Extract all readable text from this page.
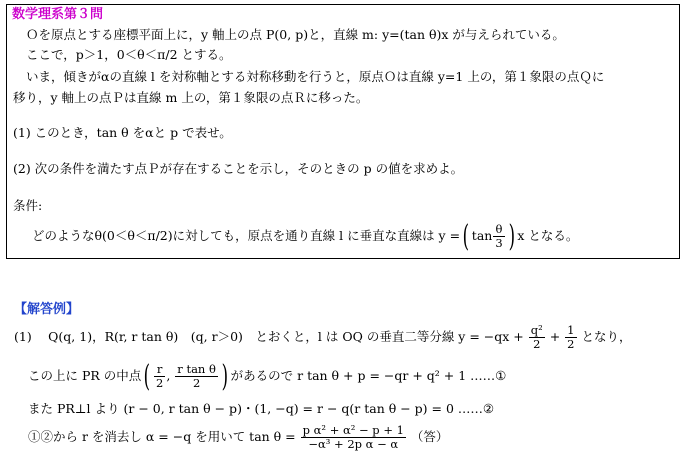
数学理系第３問
Ｏを原点とする座標平面上に，y 軸上の点 P(0, p)と，直線 m: y=(tan θ)x が与えられている。
ここで，p＞1，0＜θ＜π/2 とする。
いま，傾きがαの直線 l を対称軸とする対称移動を行うと，原点Ｏは直線 y=1 上の，第１象限の点Ｑに
移り，y 軸上の点Ｐは直線 m 上の，第１象限の点Ｒに移った。
(1) このとき，tan θ をαと p で表せ。
(2) 次の条件を満たす点Ｐが存在することを示し，そのときの p の値を求めよ。
条件:
どのようなθ(0＜θ＜π/2)に対しても，原点を通り直線 l に垂直な直線は y =( $\tan \frac{\theta}{3}$ ) x となる。
【解答例】
(1)　 Q(q, 1)，R(r, r tan θ)　(q, r＞0)　とおくと，l は OQ の垂直二等分線 $y = -qx + \frac{\text{q²}}{2} + \frac{1}{2}$ となり，
この上に PR の中点( $\frac{r}{2}$ , $\frac{\text{r tan θ}}{2}$ ) があるので r tan θ + p = −qr + q² + 1 ……①
また PR⊥l より (r − 0, r tan θ − p)・(1, −q) = r − q(r tan θ − p) = 0 ……②
①②から r を消去し α = −q を用いて $\tan \theta = \frac{\text{p α² + α² − p + 1}}{\text{−α³ + 2p α − α}}$ （答）
